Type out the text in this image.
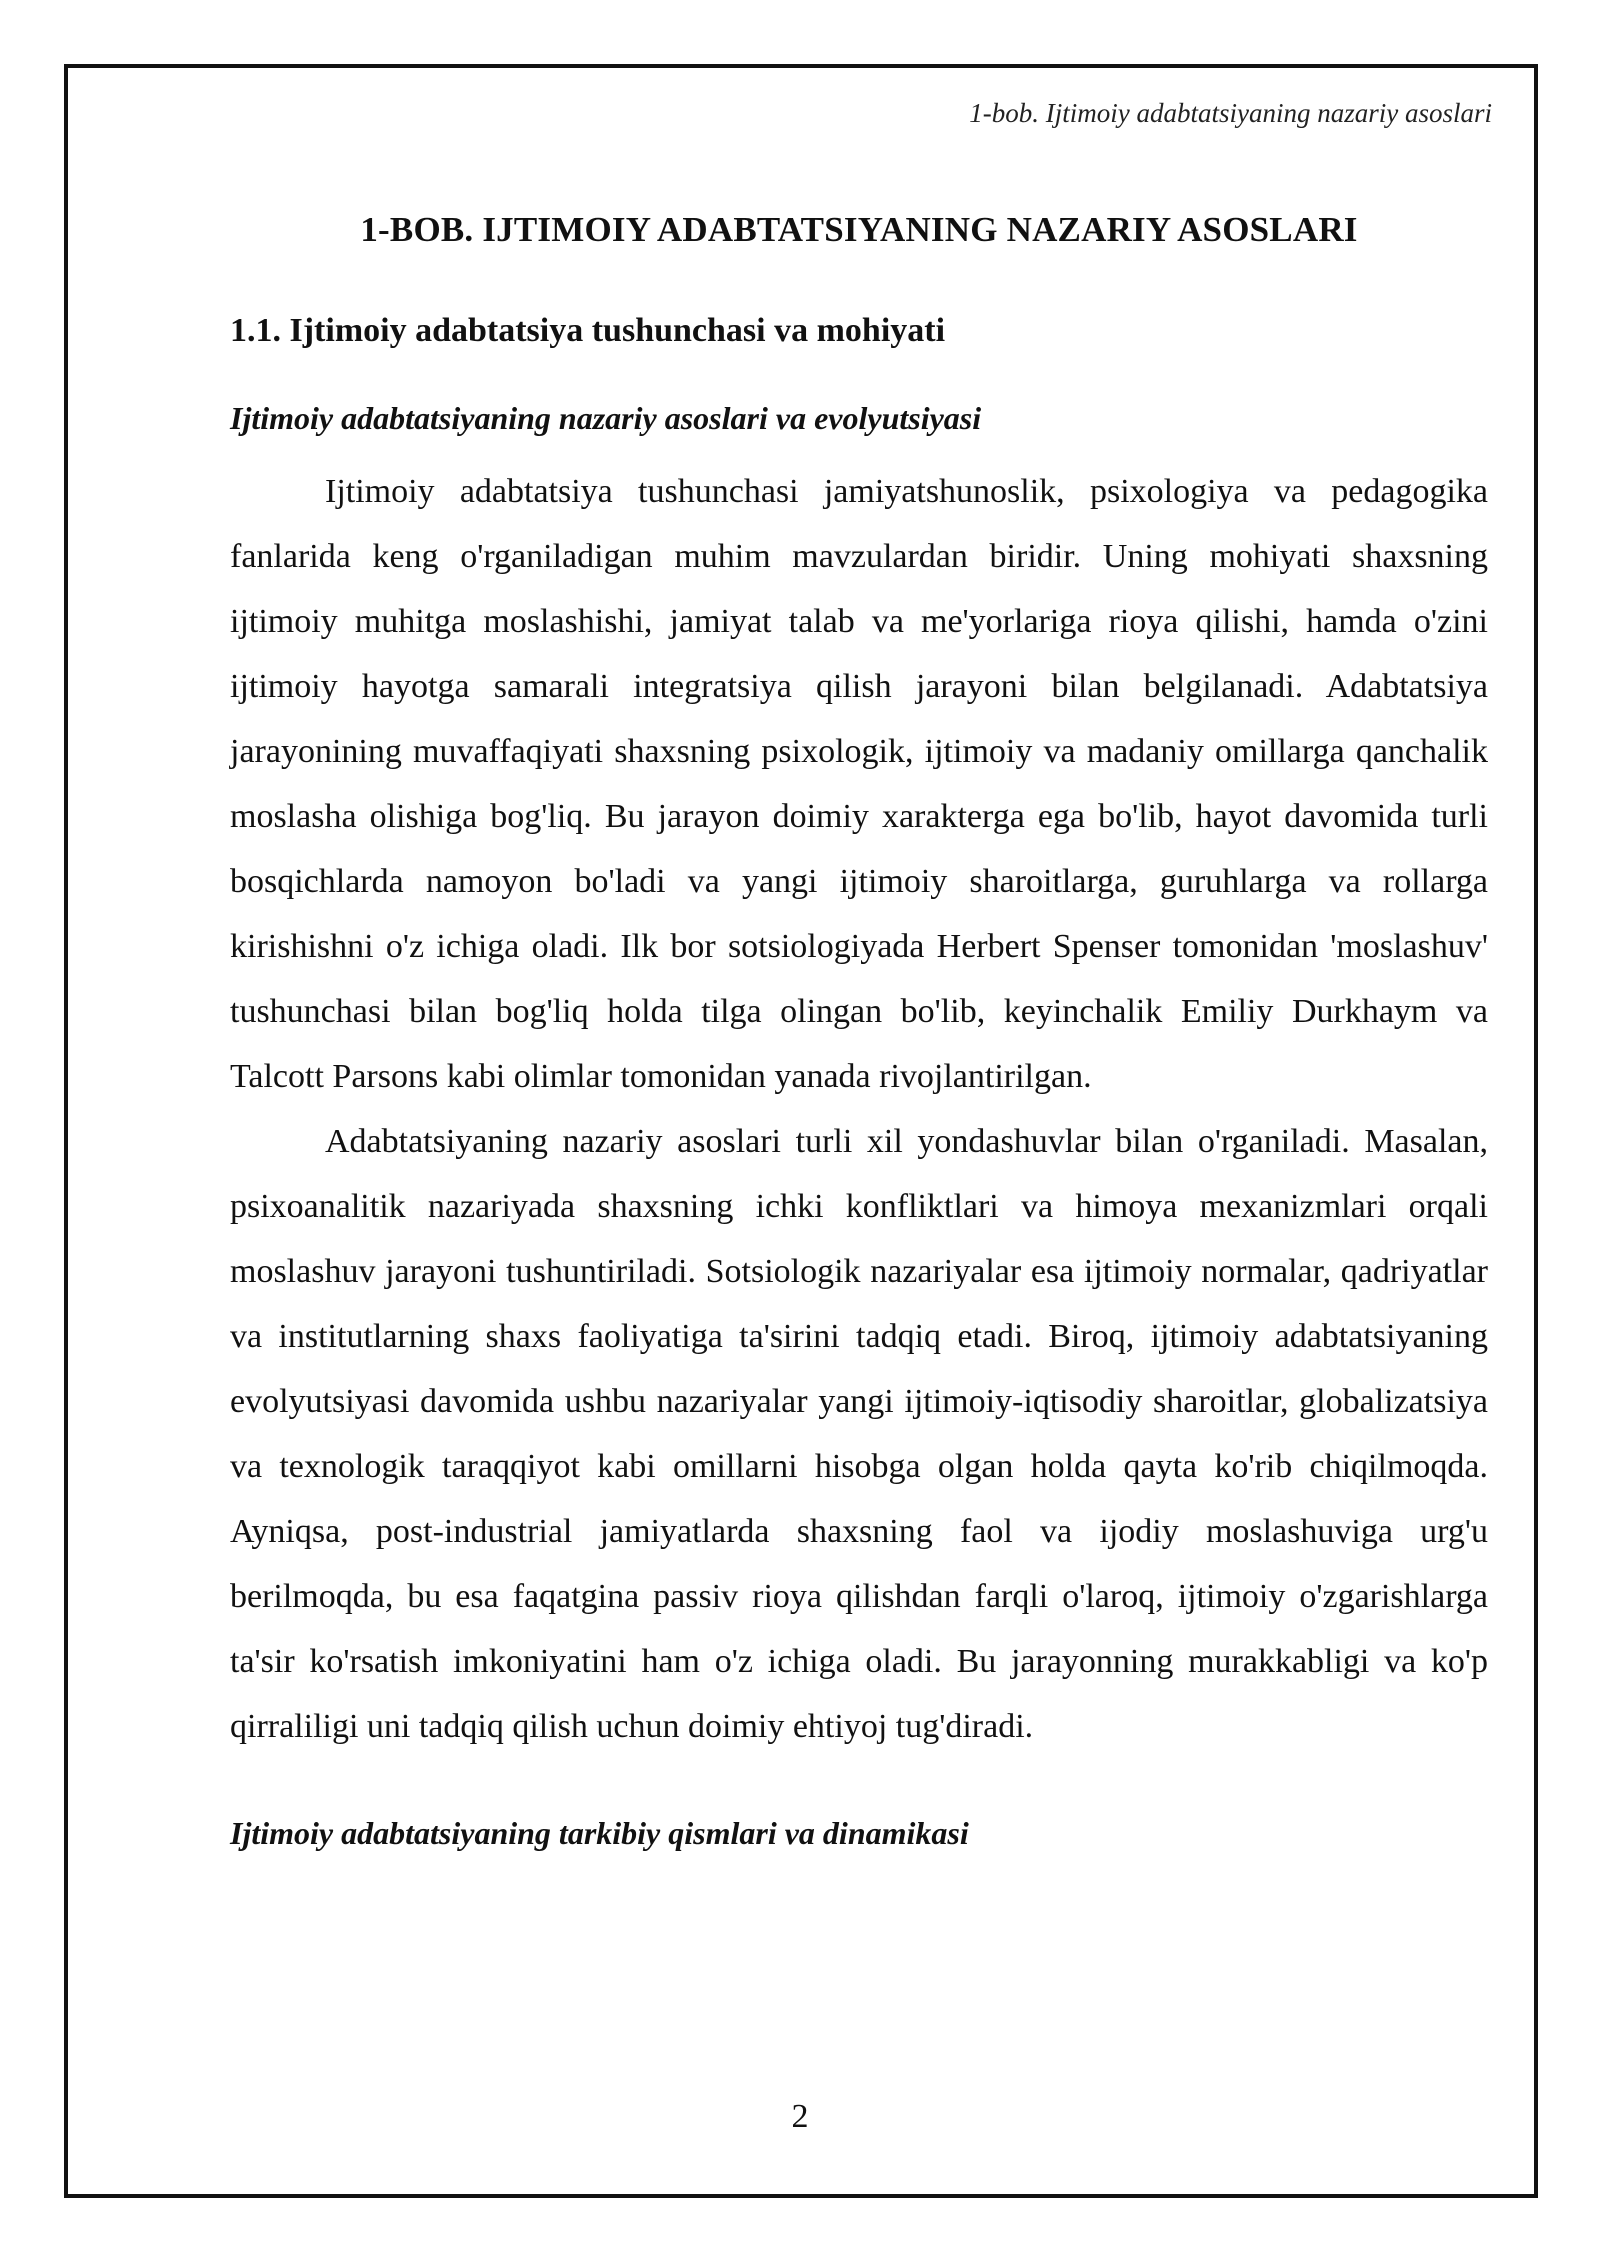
1-bob. Ijtimoiy adabtatsiyaning nazariy asoslari
1-BOB. IJTIMOIY ADABTATSIYANING NAZARIY ASOSLARI
1.1. Ijtimoiy adabtatsiya tushunchasi va mohiyati
Ijtimoiy adabtatsiyaning nazariy asoslari va evolyutsiyasi

Ijtimoiy adabtatsiya tushunchasi jamiyatshunoslik, psixologiya va pedagogika fanlarida keng o'rganiladigan muhim mavzulardan biridir. Uning mohiyati shaxsning ijtimoiy muhitga moslashishi, jamiyat talab va me'yorlariga rioya qilishi, hamda o'zini ijtimoiy hayotga samarali integratsiya qilish jarayoni bilan belgilanadi. Adabtatsiya jarayonining muvaffaqiyati shaxsning psixologik, ijtimoiy va madaniy omillarga qanchalik moslasha olishiga bog'liq. Bu jarayon doimiy xarakterga ega bo'lib, hayot davomida turli bosqichlarda namoyon bo'ladi va yangi ijtimoiy sharoitlarga, guruhlarga va rollarga kirishishni o'z ichiga oladi. Ilk bor sotsiologiyada Herbert Spenser tomonidan 'moslashuv' tushunchasi bilan bog'liq holda tilga olingan bo'lib, keyinchalik Emiliy Durkhaym va Talcott Parsons kabi olimlar tomonidan yanada rivojlantirilgan.

Adabtatsiyaning nazariy asoslari turli xil yondashuvlar bilan o'rganiladi. Masalan, psixoanalitik nazariyada shaxsning ichki konfliktlari va himoya mexanizmlari orqali moslashuv jarayoni tushuntiriladi. Sotsiologik nazariyalar esa ijtimoiy normalar, qadriyatlar va institutlarning shaxs faoliyatiga ta'sirini tadqiq etadi. Biroq, ijtimoiy adabtatsiyaning evolyutsiyasi davomida ushbu nazariyalar yangi ijtimoiy-iqtisodiy sharoitlar, globalizatsiya va texnologik taraqqiyot kabi omillarni hisobga olgan holda qayta ko'rib chiqilmoqda. Ayniqsa, post-industrial jamiyatlarda shaxsning faol va ijodiy moslashuviga urg'u berilmoqda, bu esa faqatgina passiv rioya qilishdan farqli o'laroq, ijtimoiy o'zgarishlarga ta'sir ko'rsatish imkoniyatini ham o'z ichiga oladi. Bu jarayonning murakkabligi va ko'p qirraliligi uni tadqiq qilish uchun doimiy ehtiyoj tug'diradi.

Ijtimoiy adabtatsiyaning tarkibiy qismlari va dinamikasi
2
